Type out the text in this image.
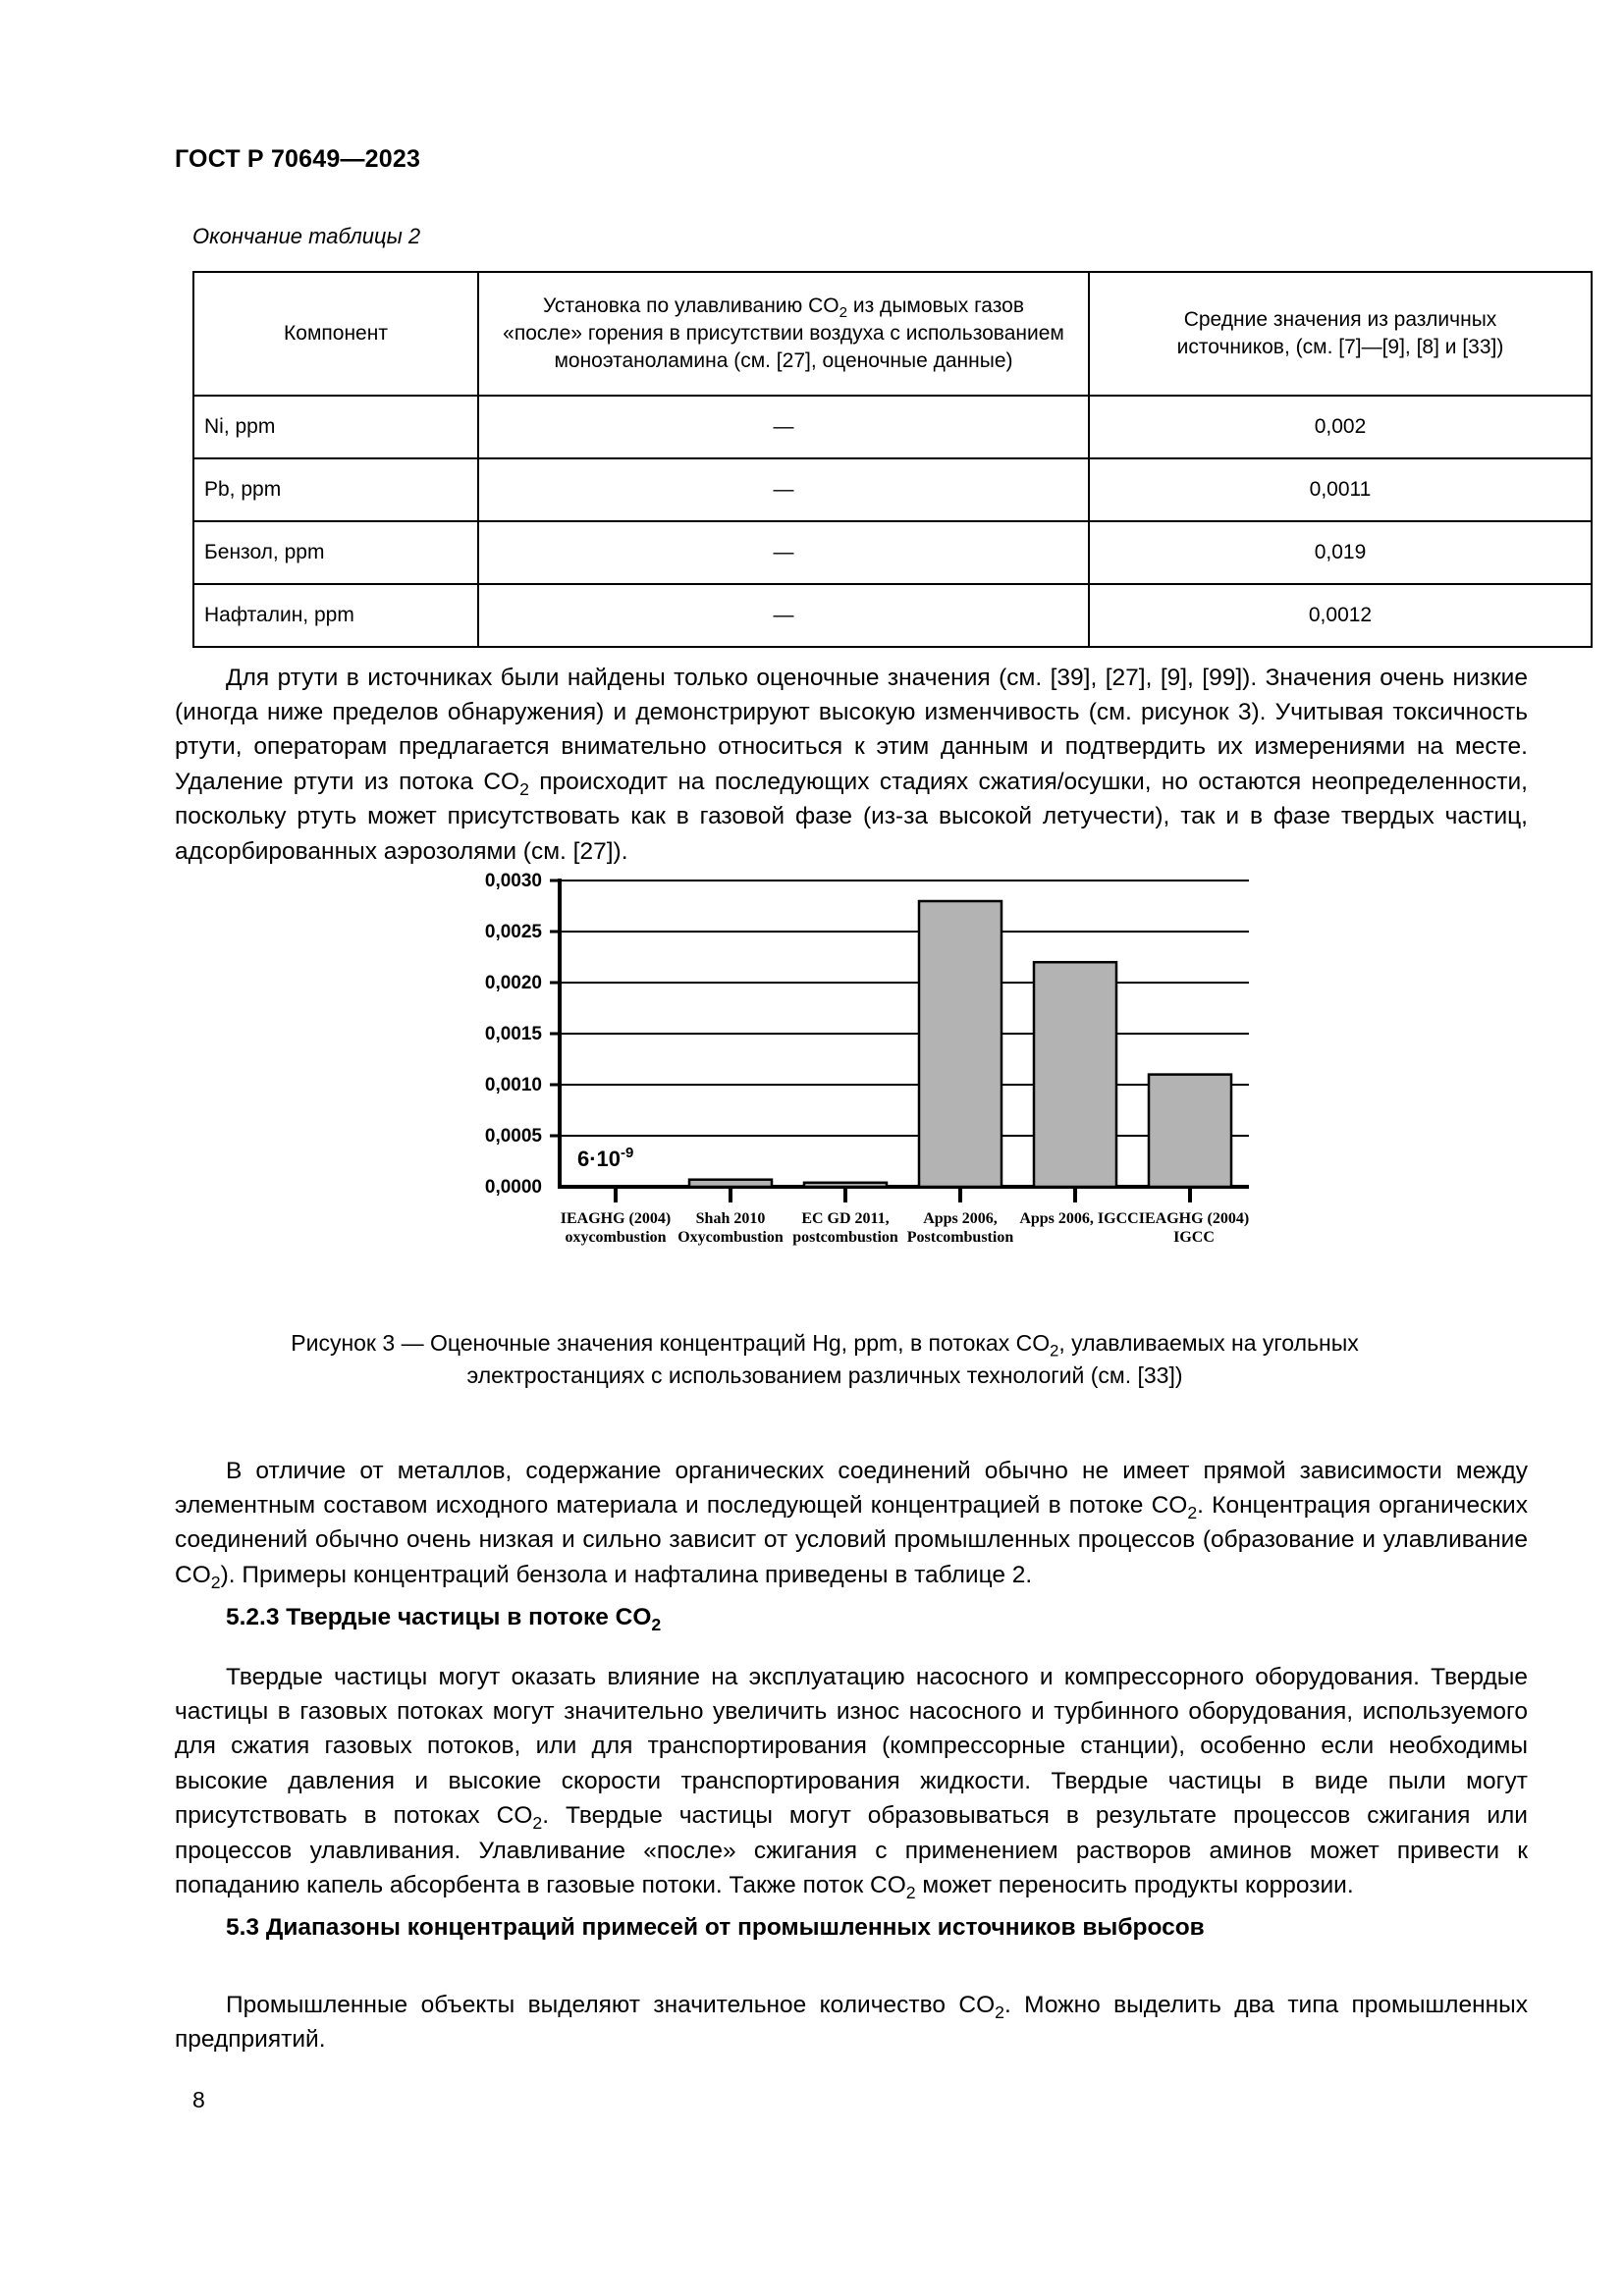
ГОСТ Р 70649—2023
Окончание таблицы 2
Компонент	Установка по улавливанию $CO_2$ из дымовых газов
«после» горения в присутствии воздуха с использованием
моноэтаноламина (см. [27], оценочные данные)	Средние значения из различных
источников, (см. [7]—[9], [8] и [33])
Ni, ppm	—	0,002
Pb, ppm	—	0,0011
Бензол, ppm	—	0,019
Нафталин, ppm	—	0,0012

Для ртути в источниках были найдены только оценочные значения (см. [39], [27], [9], [99]). Значения очень низкие (иногда ниже пределов обнаружения) и демонстрируют высокую изменчивость (см. рисунок 3). Учитывая токсичность ртути, операторам предлагается внимательно относиться к этим данным и подтвердить их измерениями на месте. Удаление ртути из потока $CO_2$ происходит на последующих стадиях сжатия/осушки, но остаются неопределенности, поскольку ртуть может присутствовать как в газовой фазе (из-за высокой летучести), так и в фазе твердых частиц, адсорбированных аэрозолями (см. [27]).

0,0030
0,0025
0,0020
0,0015
0,0010
0,0005
0,0000
$6\cdot 10^{-9}$
IEAGHG (2004) oxycombustion
Shah 2010 Oxycombustion
EC GD 2011, postcombustion
Apps 2006, Postcombustion
Apps 2006, IGCC IEAGHG (2004) IGCC
Рисунок 3 — Оценочные значения концентраций Hg, ppm, в потоках $CO_2$, улавливаемых на угольных электростанциях с использованием различных технологий (см. [33])

В отличие от металлов, содержание органических соединений обычно не имеет прямой зависимости между элементным составом исходного материала и последующей концентрацией в потоке $CO_2$. Концентрация органических соединений обычно очень низкая и сильно зависит от условий промышленных процессов (образование и улавливание $CO_2$). Примеры концентраций бензола и нафталина приведены в таблице 2.

5.2.3 Твердые частицы в потоке $CO_2$

Твердые частицы могут оказать влияние на эксплуатацию насосного и компрессорного оборудования. Твердые частицы в газовых потоках могут значительно увеличить износ насосного и турбинного оборудования, используемого для сжатия газовых потоков, или для транспортирования (компрессорные станции), особенно если необходимы высокие давления и высокие скорости транспортирования жидкости. Твердые частицы в виде пыли могут присутствовать в потоках $CO_2$. Твердые частицы могут образовываться в результате процессов сжигания или процессов улавливания. Улавливание «после» сжигания с применением растворов аминов может привести к попаданию капель абсорбента в газовые потоки. Также поток $CO_2$ может переносить продукты коррозии.

5.3 Диапазоны концентраций примесей от промышленных источников выбросов

Промышленные объекты выделяют значительное количество $CO_2$. Можно выделить два типа промышленных предприятий.

8
